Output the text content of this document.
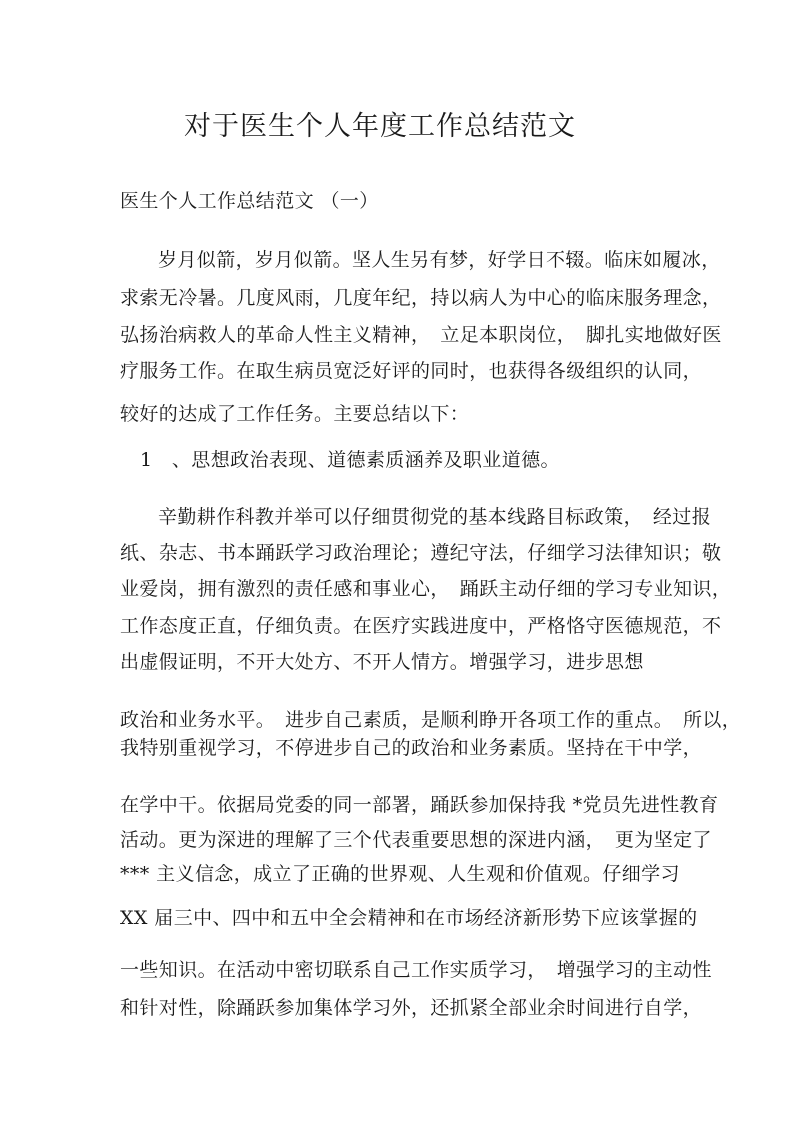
对于医生个人年度工作总结范文
医生个人工作总结范文 （一）
岁月似箭，岁月似箭。坚人生另有梦，好学日不辍。临床如履冰，
求索无冷暑。几度风雨，几度年纪，持以病人为中心的临床服务理念，
弘扬治病救人的革命人性主义精神，　立足本职岗位，　脚扎实地做好医
疗服务工作。在取生病员宽泛好评的同时，也获得各级组织的认同，
较好的达成了工作任务。主要总结以下：
1　、思想政治表现、道德素质涵养及职业道德。
辛勤耕作科教并举可以仔细贯彻党的基本线路目标政策，　经过报
纸、杂志、书本踊跃学习政治理论；遵纪守法，仔细学习法律知识；敬
业爱岗，拥有激烈的责任感和事业心，　踊跃主动仔细的学习专业知识，
工作态度正直，仔细负责。在医疗实践进度中，严格恪守医德规范，不
出虚假证明，不开大处方、不开人情方。增强学习，进步思想
政治和业务水平。　进步自己素质，是顺利睁开各项工作的重点。　所以，
我特别重视学习，不停进步自己的政治和业务素质。坚持在干中学，
在学中干。依据局党委的同一部署，踊跃参加保持我 *党员先进性教育
活动。更为深进的理解了三个代表重要思想的深进内涵，　更为坚定了
*** 主义信念，成立了正确的世界观、人生观和价值观。仔细学习
XX 届三中、四中和五中全会精神和在市场经济新形势下应该掌握的
一些知识。在活动中密切联系自己工作实质学习，　增强学习的主动性
和针对性，除踊跃参加集体学习外，还抓紧全部业余时间进行自学，
